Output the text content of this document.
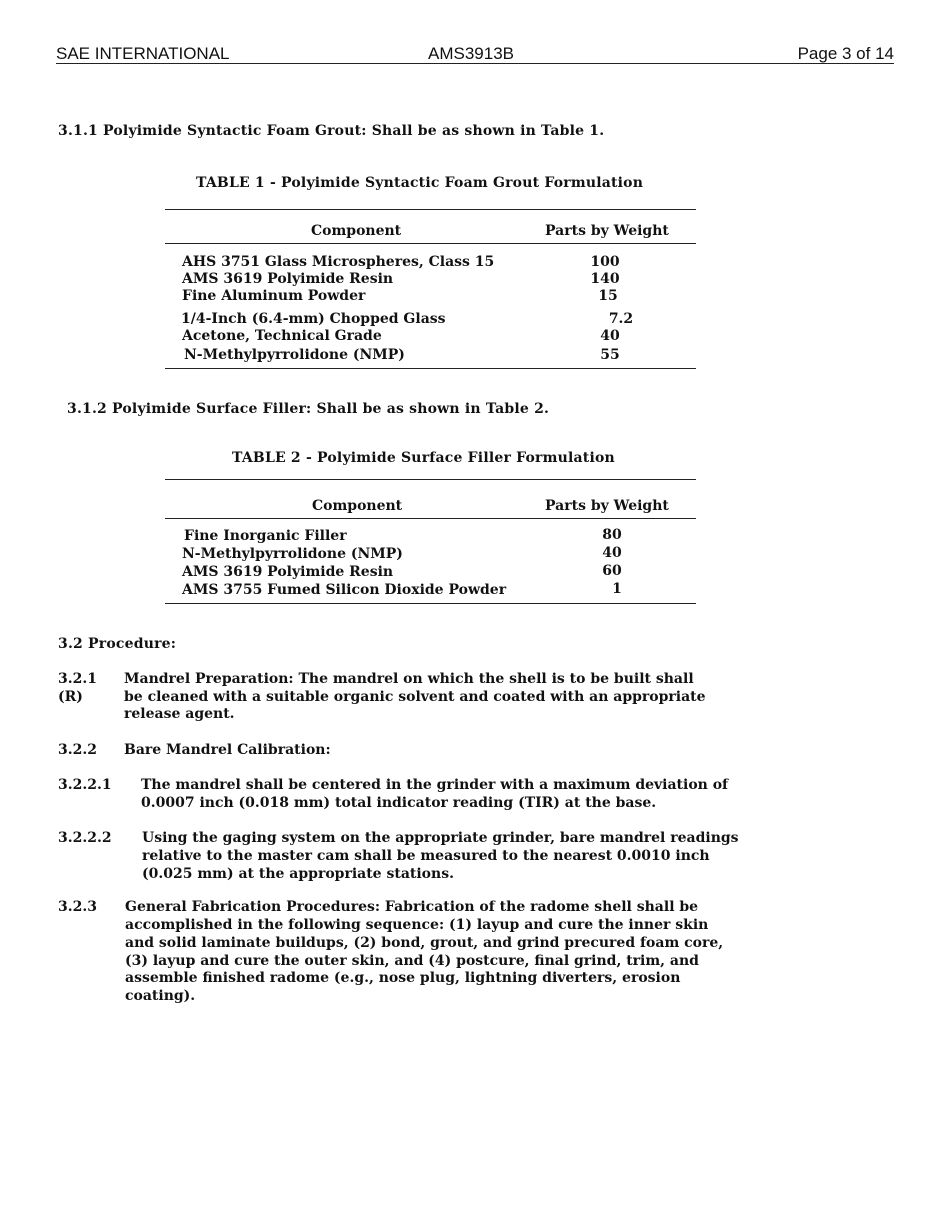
SAE INTERNATIONAL	AMS3913B	Page 3 of 14
3.1.1 Polyimide Syntactic Foam Grout: Shall be as shown in Table 1.
TABLE 1 - Polyimide Syntactic Foam Grout Formulation
Component	Parts by Weight
AHS 3751 Glass Microspheres, Class 15	100
AMS 3619 Polyimide Resin	140
Fine Aluminum Powder	15
1/4-Inch (6.4-mm) Chopped Glass	7.2
Acetone, Technical Grade	40
N-Methylpyrrolidone (NMP)	55
3.1.2 Polyimide Surface Filler: Shall be as shown in Table 2.
TABLE 2 - Polyimide Surface Filler Formulation
Component	Parts by Weight
Fine Inorganic Filler	80
N-Methylpyrrolidone (NMP)	40
AMS 3619 Polyimide Resin	60
AMS 3755 Fumed Silicon Dioxide Powder	1
3.2 Procedure:
3.2.1
(R)
Mandrel Preparation: The mandrel on which the shell is to be built shall
be cleaned with a suitable organic solvent and coated with an appropriate
release agent.
3.2.2 Bare Mandrel Calibration:
3.2.2.1 The mandrel shall be centered in the grinder with a maximum deviation of
0.0007 inch (0.018 mm) total indicator reading (TIR) at the base.
3.2.2.2 Using the gaging system on the appropriate grinder, bare mandrel readings
relative to the master cam shall be measured to the nearest 0.0010 inch
(0.025 mm) at the appropriate stations.
3.2.3 General Fabrication Procedures: Fabrication of the radome shell shall be
accomplished in the following sequence: (1) layup and cure the inner skin
and solid laminate buildups, (2) bond, grout, and grind precured foam core,
(3) layup and cure the outer skin, and (4) postcure, final grind, trim, and
assemble finished radome (e.g., nose plug, lightning diverters, erosion
coating).
